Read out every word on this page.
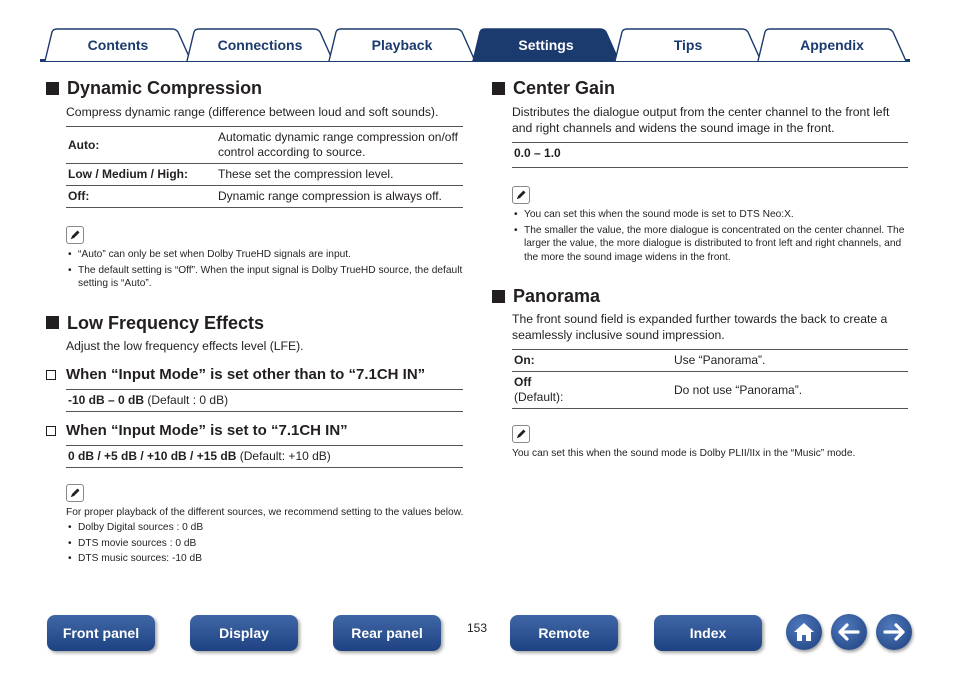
Contents	Connections	Playback	Settings	Tips	Appendix
Dynamic Compression

Compress dynamic range (difference between loud and soft sounds).

Auto:	Automatic dynamic range compression on/off control according to source.
Low / Medium / High:	These set the compression level.
Off:	Dynamic range compression is always off.
• “Auto” can only be set when Dolby TrueHD signals are input.
• The default setting is “Off”. When the input signal is Dolby TrueHD source, the default setting is “Auto”.
Low Frequency Effects

Adjust the low frequency effects level (LFE).

When “Input Mode” is set other than to “7.1CH IN”
-10 dB – 0 dB (Default : 0 dB)
When “Input Mode” is set to “7.1CH IN”
0 dB / +5 dB / +10 dB / +15 dB (Default: +10 dB)

For proper playback of the different sources, we recommend setting to the values below.

• Dolby Digital sources : 0 dB
• DTS movie sources : 0 dB
• DTS music sources: -10 dB
Center Gain

Distributes the dialogue output from the center channel to the front left and right channels and widens the sound image in the front.

0.0 – 1.0
• You can set this when the sound mode is set to DTS Neo:X.
• The smaller the value, the more dialogue is concentrated on the center channel. The larger the value, the more dialogue is distributed to front left and right channels, and the more the sound image widens in the front.
Panorama

The front sound field is expanded further towards the back to create a seamlessly inclusive sound impression.

On:	Use “Panorama”.
Off
(Default):	Do not use “Panorama”.

You can set this when the sound mode is Dolby PLII/IIx in the “Music” mode.

Front panel	Display	Rear panel	153	Remote	Index
